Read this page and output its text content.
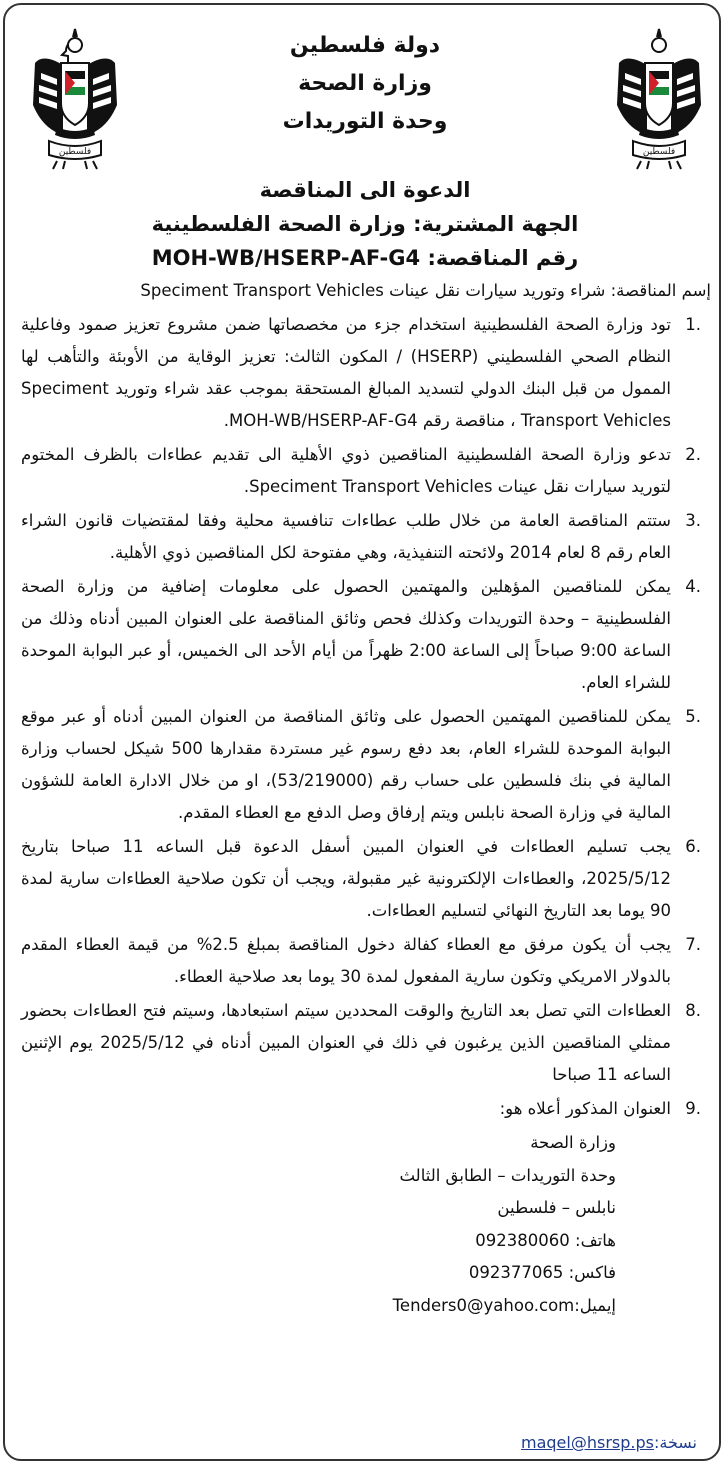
فلسطين	فلسطين
دولة فلسطين
وزارة الصحة
وحدة التوريدات
الدعوة الى المناقصة
الجهة المشترية: وزارة الصحة الفلسطينية
رقم المناقصة: MOH-WB/HSERP-AF-G4
إسم المناقصة: شراء وتوريد سيارات نقل عينات Speciment Transport Vehicles
.1
تود وزارة الصحة الفلسطينية استخدام جزء من مخصصاتها ضمن مشروع تعزيز صمود وفاعلية النظام الصحي الفلسطيني (HSERP) / المكون الثالث: تعزيز الوقاية من الأوبئة والتأهب لها الممول من قبل البنك الدولي لتسديد المبالغ المستحقة بموجب عقد شراء وتوريد Speciment Transport Vehicles ، مناقصة رقم MOH-WB/HSERP-AF-G4.
.2
تدعو وزارة الصحة الفلسطينية المناقصين ذوي الأهلية الى تقديم عطاءات بالظرف المختوم لتوريد سيارات نقل عينات Speciment Transport Vehicles.
.3
ستتم المناقصة العامة من خلال طلب عطاءات تنافسية محلية وفقا لمقتضيات قانون الشراء العام رقم 8 لعام 2014 ولائحته التنفيذية، وهي مفتوحة لكل المناقصين ذوي الأهلية.
.4
يمكن للمناقصين المؤهلين والمهتمين الحصول على معلومات إضافية من وزارة الصحة الفلسطينية – وحدة التوريدات وكذلك فحص وثائق المناقصة على العنوان المبين أدناه وذلك من الساعة 9:00 صباحاً إلى الساعة 2:00 ظهراً من أيام الأحد الى الخميس، أو عبر البوابة الموحدة للشراء العام.
.5
يمكن للمناقصين المهتمين الحصول على وثائق المناقصة من العنوان المبين أدناه أو عبر موقع البوابة الموحدة للشراء العام، بعد دفع رسوم غير مستردة مقدارها 500 شيكل لحساب وزارة المالية في بنك فلسطين على حساب رقم (53/219000)، او من خلال الادارة العامة للشؤون المالية في وزارة الصحة نابلس ويتم إرفاق وصل الدفع مع العطاء المقدم.
.6
يجب تسليم العطاءات في العنوان المبين أسفل الدعوة قبل الساعه 11 صباحا بتاريخ 2025/5/12، والعطاءات الإلكترونية غير مقبولة، ويجب أن تكون صلاحية العطاءات سارية لمدة 90 يوما بعد التاريخ النهائي لتسليم العطاءات.
.7
يجب أن يكون مرفق مع العطاء كفالة دخول المناقصة بمبلغ 2.5% من قيمة العطاء المقدم بالدولار الامريكي وتكون سارية المفعول لمدة 30 يوما بعد صلاحية العطاء.
.8
العطاءات التي تصل بعد التاريخ والوقت المحددين سيتم استبعادها، وسيتم فتح العطاءات بحضور ممثلي المناقصين الذين يرغبون في ذلك في العنوان المبين أدناه في 2025/5/12 يوم الإثنين الساعه 11 صباحا
.9
العنوان المذكور أعلاه هو:
وزارة الصحة
وحدة التوريدات – الطابق الثالث
نابلس – فلسطين
هاتف: 092380060
فاكس: 092377065
إيميل:Tenders0@yahoo.com
نسخة:maqel@hsrsp.ps
